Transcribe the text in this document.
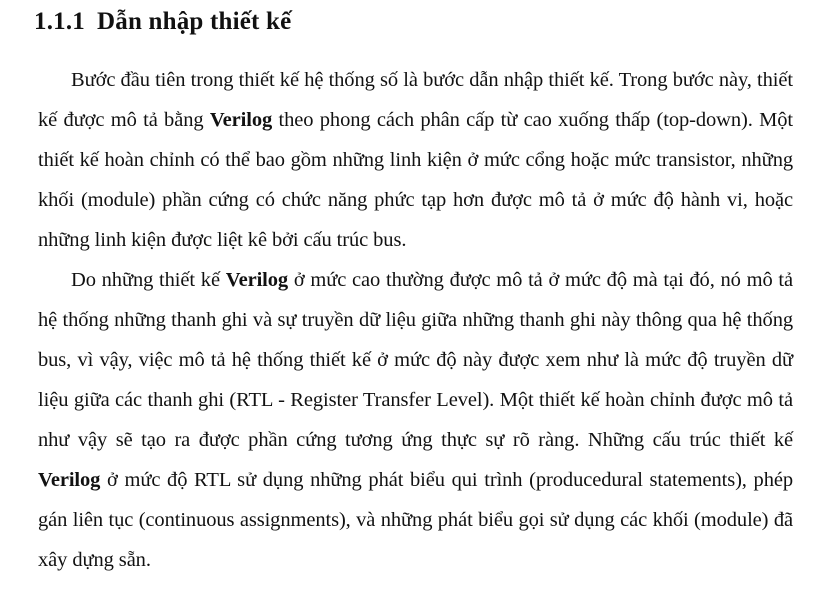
1.1.1 Dẫn nhập thiết kế

Bước đầu tiên trong thiết kế hệ thống số là bước dẫn nhập thiết kế. Trong bước này, thiết kế được mô tả bằng Verilog theo phong cách phân cấp từ cao xuống thấp (top-down). Một thiết kế hoàn chỉnh có thể bao gồm những linh kiện ở mức cổng hoặc mức transistor, những khối (module) phần cứng có chức năng phức tạp hơn được mô tả ở mức độ hành vi, hoặc những linh kiện được liệt kê bởi cấu trúc bus.

Do những thiết kế Verilog ở mức cao thường được mô tả ở mức độ mà tại đó, nó mô tả hệ thống những thanh ghi và sự truyền dữ liệu giữa những thanh ghi này thông qua hệ thống bus, vì vậy, việc mô tả hệ thống thiết kế ở mức độ này được xem như là mức độ truyền dữ liệu giữa các thanh ghi (RTL - Register Transfer Level). Một thiết kế hoàn chỉnh được mô tả như vậy sẽ tạo ra được phần cứng tương ứng thực sự rõ ràng. Những cấu trúc thiết kế Verilog ở mức độ RTL sử dụng những phát biểu qui trình (producedural statements), phép gán liên tục (continuous assignments), và những phát biểu gọi sử dụng các khối (module) đã xây dựng sẵn.
